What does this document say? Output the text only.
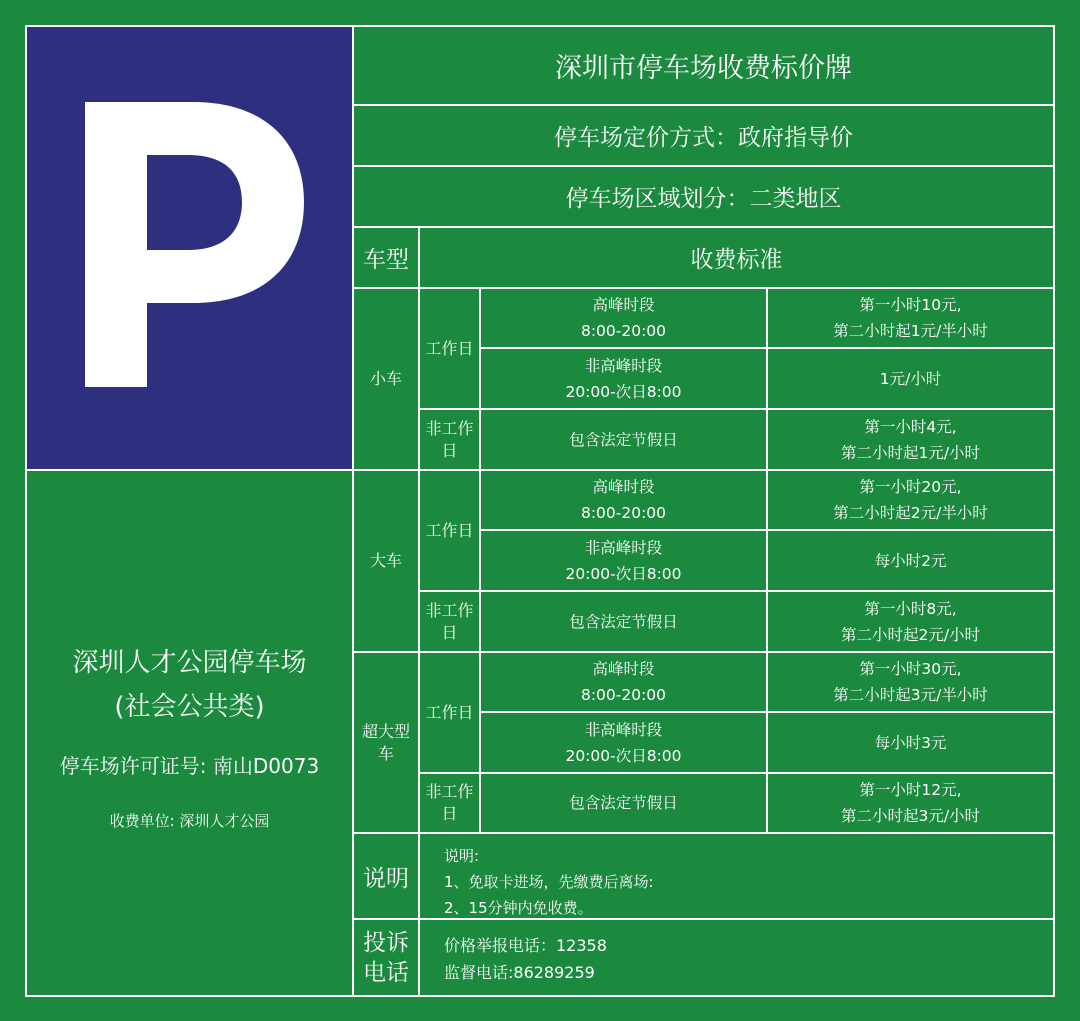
深圳市停车场收费标价牌
停车场定价方式：政府指导价
停车场区域划分：二类地区
车型	收费标准
小车
大车
超大型
车
工作日
非工作
日
工作日
非工作
日
工作日
非工作
日
高峰时段
8:00-20:00
第一小时10元,
第二小时起1元/半小时
非高峰时段
20:00-次日8:00
1元/小时
包含法定节假日
第一小时4元,
第二小时起1元/小时
高峰时段
8:00-20:00
第一小时20元,
第二小时起2元/半小时
非高峰时段
20:00-次日8:00
每小时2元
包含法定节假日
第一小时8元,
第二小时起2元/小时
高峰时段
8:00-20:00
第一小时30元,
第二小时起3元/半小时
非高峰时段
20:00-次日8:00
每小时3元
包含法定节假日
第一小时12元,
第二小时起3元/小时
说明
说明:
1、免取卡进场，先缴费后离场:
2、15分钟内免收费。
投诉
电话
价格举报电话：12358
监督电话:86289259
深圳人才公园停车场
(社会公共类)
停车场许可证号: 南山D0073
收费单位: 深圳人才公园
